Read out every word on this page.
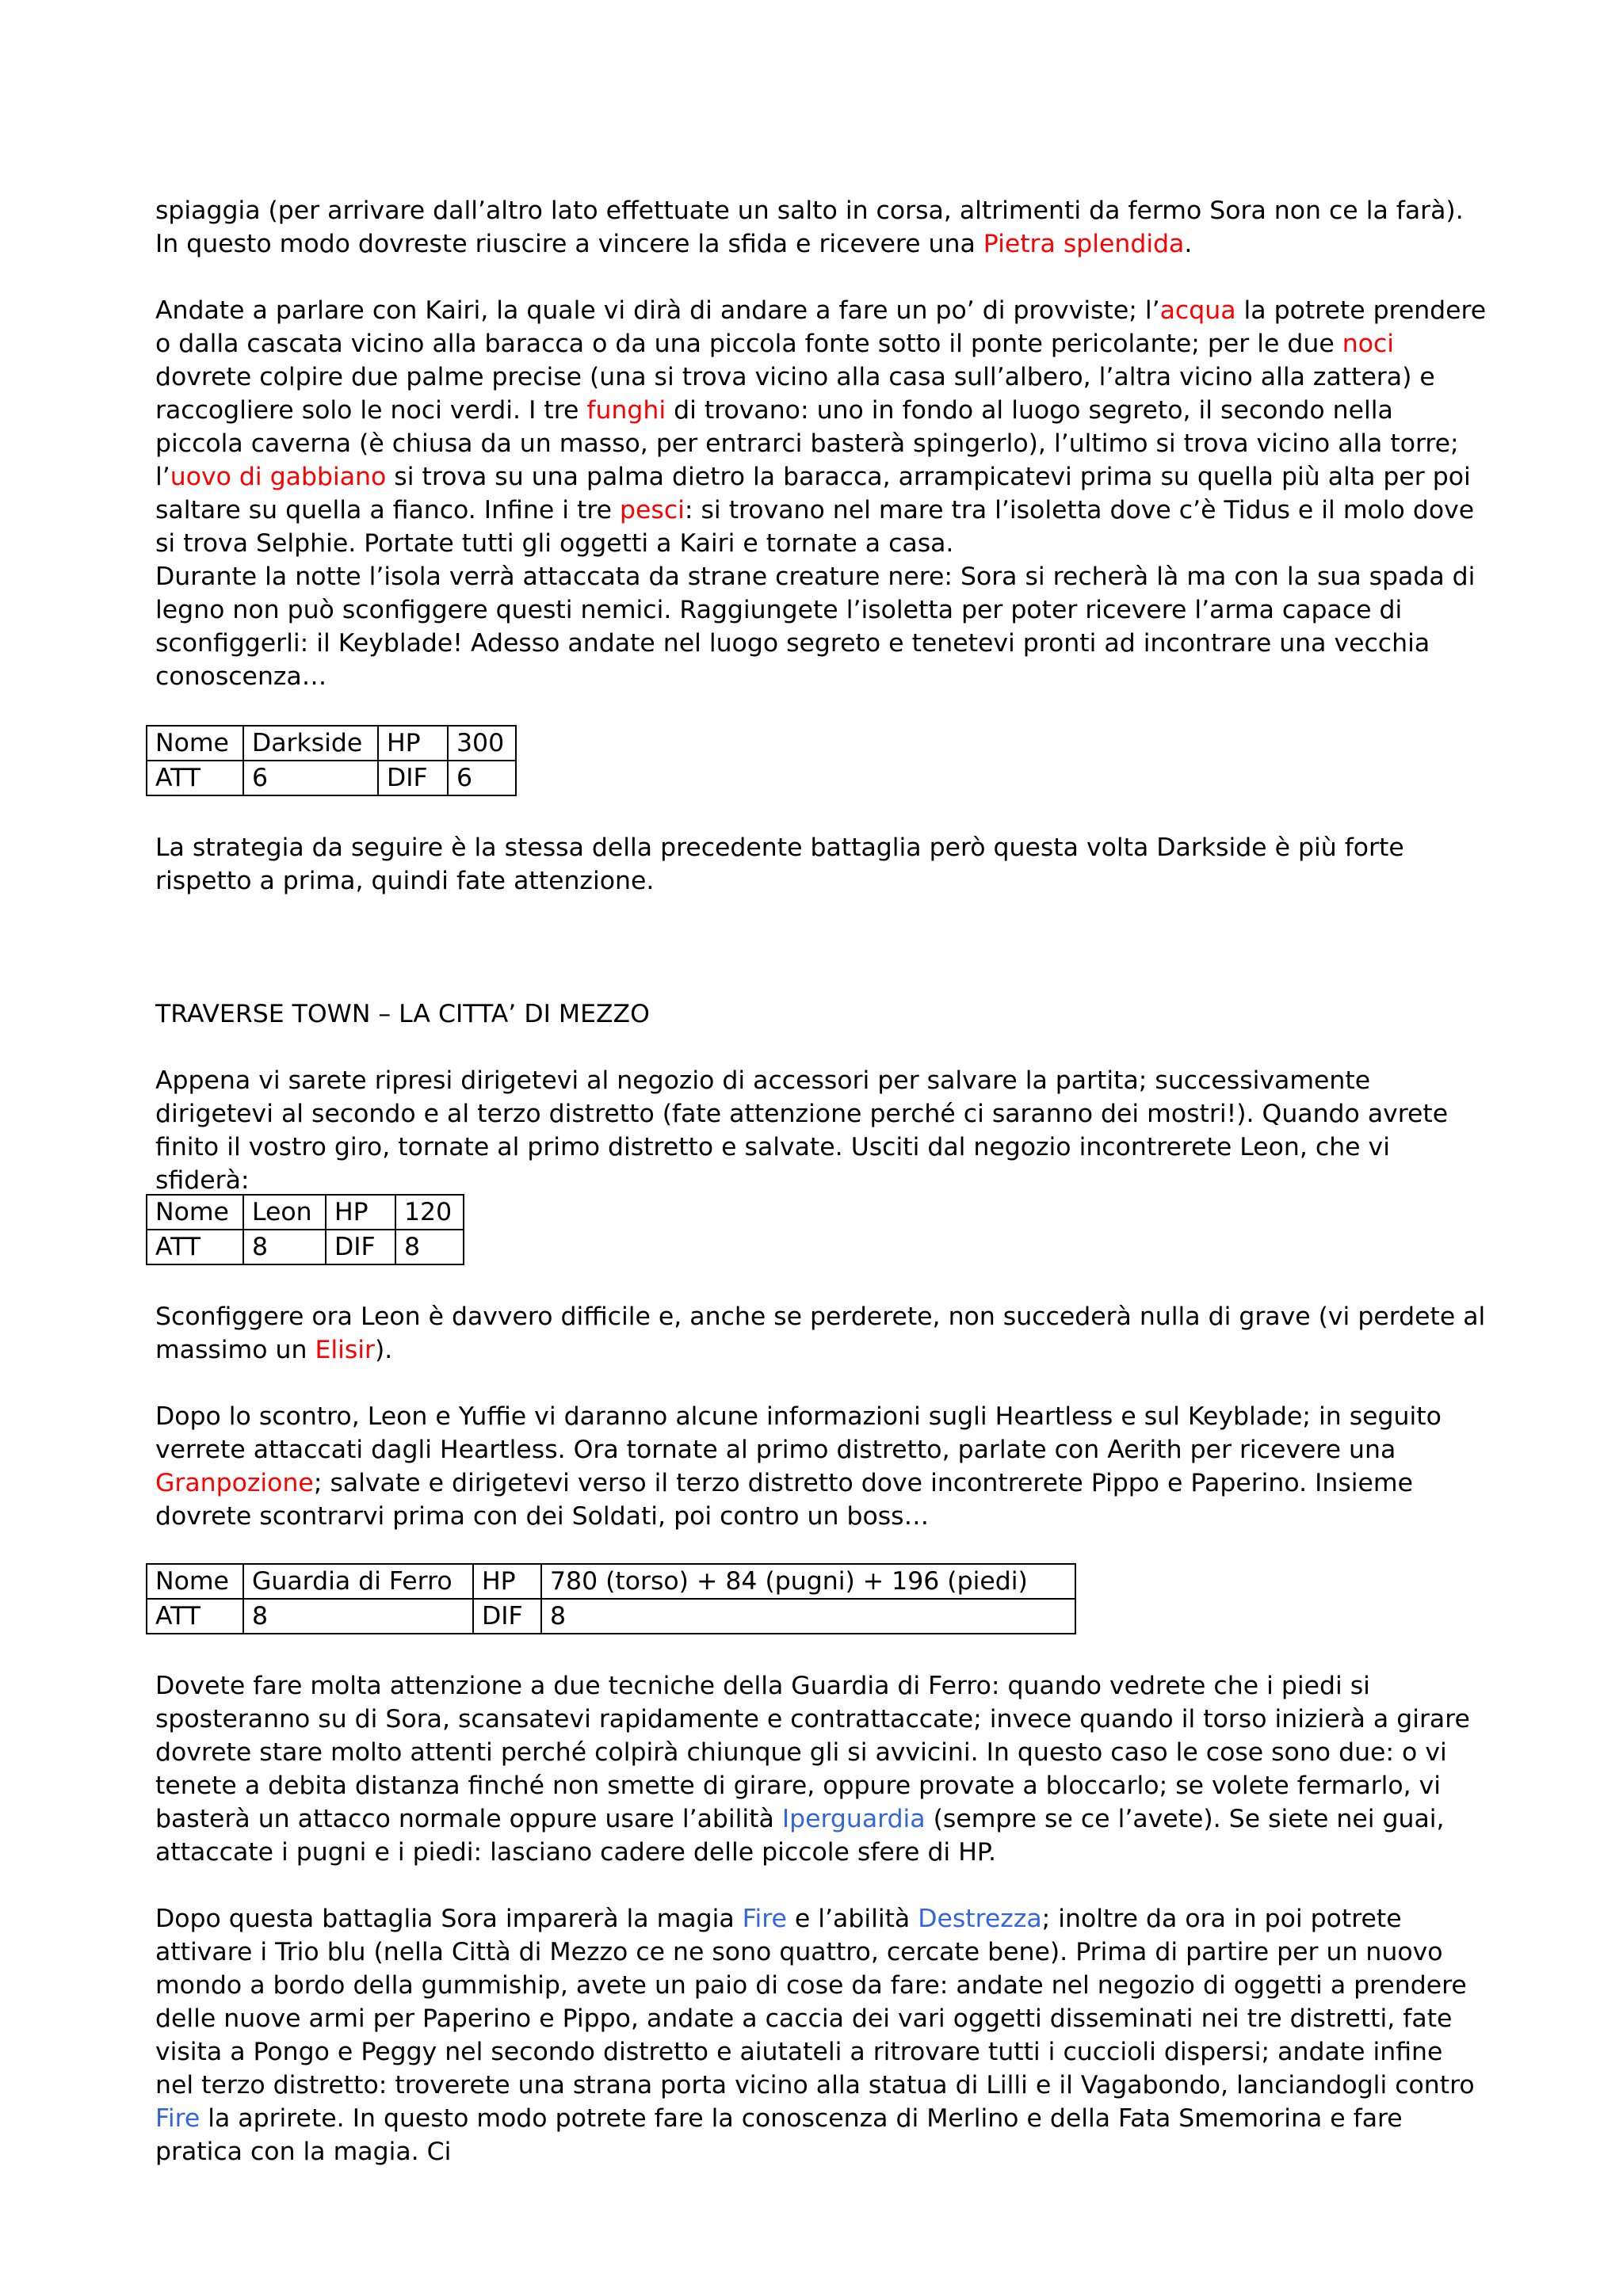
spiaggia (per arrivare dall’altro lato effettuate un salto in corsa, altrimenti da fermo Sora non ce la farà). In questo modo dovreste riuscire a vincere la sfida e ricevere una Pietra splendida.

Andate a parlare con Kairi, la quale vi dirà di andare a fare un po’ di provviste; l’acqua la potrete prendere o dalla cascata vicino alla baracca o da una piccola fonte sotto il ponte pericolante; per le due noci dovrete colpire due palme precise (una si trova vicino alla casa sull’albero, l’altra vicino alla zattera) e raccogliere solo le noci verdi. I tre funghi di trovano: uno in fondo al luogo segreto, il secondo nella piccola caverna (è chiusa da un masso, per entrarci basterà spingerlo), l’ultimo si trova vicino alla torre; l’uovo di gabbiano si trova su una palma dietro la baracca, arrampicatevi prima su quella più alta per poi saltare su quella a fianco. Infine i tre pesci: si trovano nel mare tra l’isoletta dove c’è Tidus e il molo dove si trova Selphie. Portate tutti gli oggetti a Kairi e tornate a casa.

Durante la notte l’isola verrà attaccata da strane creature nere: Sora si recherà là ma con la sua spada di legno non può sconfiggere questi nemici. Raggiungete l’isoletta per poter ricevere l’arma capace di sconfiggerli: il Keyblade! Adesso andate nel luogo segreto e tenetevi pronti ad incontrare una vecchia conoscenza…

Nome	Darkside	HP	300
ATT	6	DIF	6

La strategia da seguire è la stessa della precedente battaglia però questa volta Darkside è più forte rispetto a prima, quindi fate attenzione.

TRAVERSE TOWN – LA CITTA’ DI MEZZO

Appena vi sarete ripresi dirigetevi al negozio di accessori per salvare la partita; successivamente dirigetevi al secondo e al terzo distretto (fate attenzione perché ci saranno dei mostri!). Quando avrete finito il vostro giro, tornate al primo distretto e salvate. Usciti dal negozio incontrerete Leon, che vi sfiderà:

Nome	Leon	HP	120
ATT	8	DIF	8

Sconfiggere ora Leon è davvero difficile e, anche se perderete, non succederà nulla di grave (vi perdete al massimo un Elisir).

Dopo lo scontro, Leon e Yuffie vi daranno alcune informazioni sugli Heartless e sul Keyblade; in seguito verrete attaccati dagli Heartless. Ora tornate al primo distretto, parlate con Aerith per ricevere una Granpozione; salvate e dirigetevi verso il terzo distretto dove incontrerete Pippo e Paperino. Insieme dovrete scontrarvi prima con dei Soldati, poi contro un boss…

Nome	Guardia di Ferro	HP	780 (torso) + 84 (pugni) + 196 (piedi)
ATT	8	DIF	8

Dovete fare molta attenzione a due tecniche della Guardia di Ferro: quando vedrete che i piedi si sposteranno su di Sora, scansatevi rapidamente e contrattaccate; invece quando il torso inizierà a girare dovrete stare molto attenti perché colpirà chiunque gli si avvicini. In questo caso le cose sono due: o vi tenete a debita distanza finché non smette di girare, oppure provate a bloccarlo; se volete fermarlo, vi basterà un attacco normale oppure usare l’abilità Iperguardia (sempre se ce l’avete). Se siete nei guai, attaccate i pugni e i piedi: lasciano cadere delle piccole sfere di HP.

Dopo questa battaglia Sora imparerà la magia Fire e l’abilità Destrezza; inoltre da ora in poi potrete attivare i Trio blu (nella Città di Mezzo ce ne sono quattro, cercate bene). Prima di partire per un nuovo mondo a bordo della gummiship, avete un paio di cose da fare: andate nel negozio di oggetti a prendere delle nuove armi per Paperino e Pippo, andate a caccia dei vari oggetti disseminati nei tre distretti, fate visita a Pongo e Peggy nel secondo distretto e aiutateli a ritrovare tutti i cuccioli dispersi; andate infine nel terzo distretto: troverete una strana porta vicino alla statua di Lilli e il Vagabondo, lanciandogli contro Fire la aprirete. In questo modo potrete fare la conoscenza di Merlino e della Fata Smemorina e fare pratica con la magia. Ci
